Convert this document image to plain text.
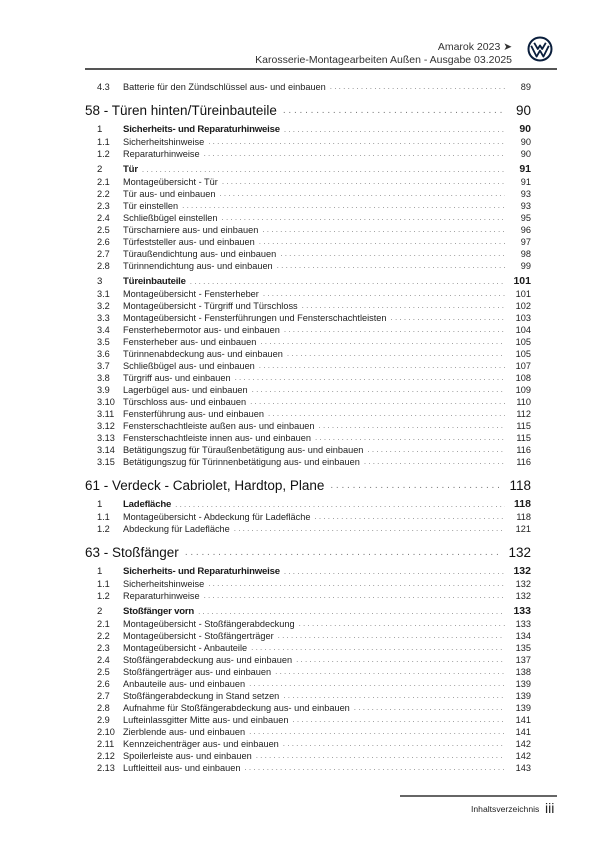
Amarok 2023 ➤
Karosserie-Montagearbeiten Außen - Ausgabe 03.2025
4.3	Batterie für den Zündschlüssel aus- und einbauen . . .	89
58 - Türen hinten/Türeinbauteile . . .	90
1	Sicherheits- und Reparaturhinweise . . .	90
1.1	Sicherheitshinweise . . .	90
1.2	Reparaturhinweise . . .	90
2	Tür . . .	91
2.1	Montageübersicht - Tür . . .	91
2.2	Tür aus- und einbauen . . .	93
2.3	Tür einstellen . . .	93
2.4	Schließbügel einstellen . . .	95
2.5	Türscharniere aus- und einbauen . . .	96
2.6	Türfeststeller aus- und einbauen . . .	97
2.7	Türaußendichtung aus- und einbauen . . .	98
2.8	Türinnendichtung aus- und einbauen . . .	99
3	Türeinbauteile . . .	101
3.1	Montageübersicht - Fensterheber . . .	101
3.2	Montageübersicht - Türgriff und Türschloss . . .	102
3.3	Montageübersicht - Fensterführungen und Fensterschachtleisten . . .	103
3.4	Fensterhebermotor aus- und einbauen . . .	104
3.5	Fensterheber aus- und einbauen . . .	105
3.6	Türinnenabdeckung aus- und einbauen . . .	105
3.7	Schließbügel aus- und einbauen . . .	107
3.8	Türgriff aus- und einbauen . . .	108
3.9	Lagerbügel aus- und einbauen . . .	109
3.10 Türschloss aus- und einbauen . . .	110
3.11 Fensterführung aus- und einbauen . . .	112
3.12 Fensterschachtleiste außen aus- und einbauen . . .	115
3.13 Fensterschachtleiste innen aus- und einbauen . . .	115
3.14 Betätigungszug für Türaußenbetätigung aus- und einbauen . . .	116
3.15 Betätigungszug für Türinnenbetätigung aus- und einbauen . . .	116
61 - Verdeck - Cabriolet, Hardtop, Plane . . .	118
1	Ladefläche . . .	118
1.1	Montageübersicht - Abdeckung für Ladefläche . . .	118
1.2	Abdeckung für Ladefläche . . .	121
63 - Stoßfänger . . .	132
1	Sicherheits- und Reparaturhinweise . . .	132
1.1	Sicherheitshinweise . . .	132
1.2	Reparaturhinweise . . .	132
2	Stoßfänger vorn . . .	133
2.1	Montageübersicht - Stoßfängerabdeckung . . .	133
2.2	Montageübersicht - Stoßfängerträger . . .	134
2.3	Montageübersicht - Anbauteile . . .	135
2.4	Stoßfängerabdeckung aus- und einbauen . . .	137
2.5	Stoßfängerträger aus- und einbauen . . .	138
2.6	Anbauteile aus- und einbauen . . .	139
2.7	Stoßfängerabdeckung in Stand setzen . . .	139
2.8	Aufnahme für Stoßfängerabdeckung aus- und einbauen . . .	139
2.9	Lufteinlassgitter Mitte aus- und einbauen . . .	141
2.10 Zierblende aus- und einbauen . . .	141
2.11 Kennzeichenträger aus- und einbauen . . .	142
2.12 Spoilerleiste aus- und einbauen . . .	142
2.13 Luftleitteil aus- und einbauen . . .	143
Inhaltsverzeichnis iii
